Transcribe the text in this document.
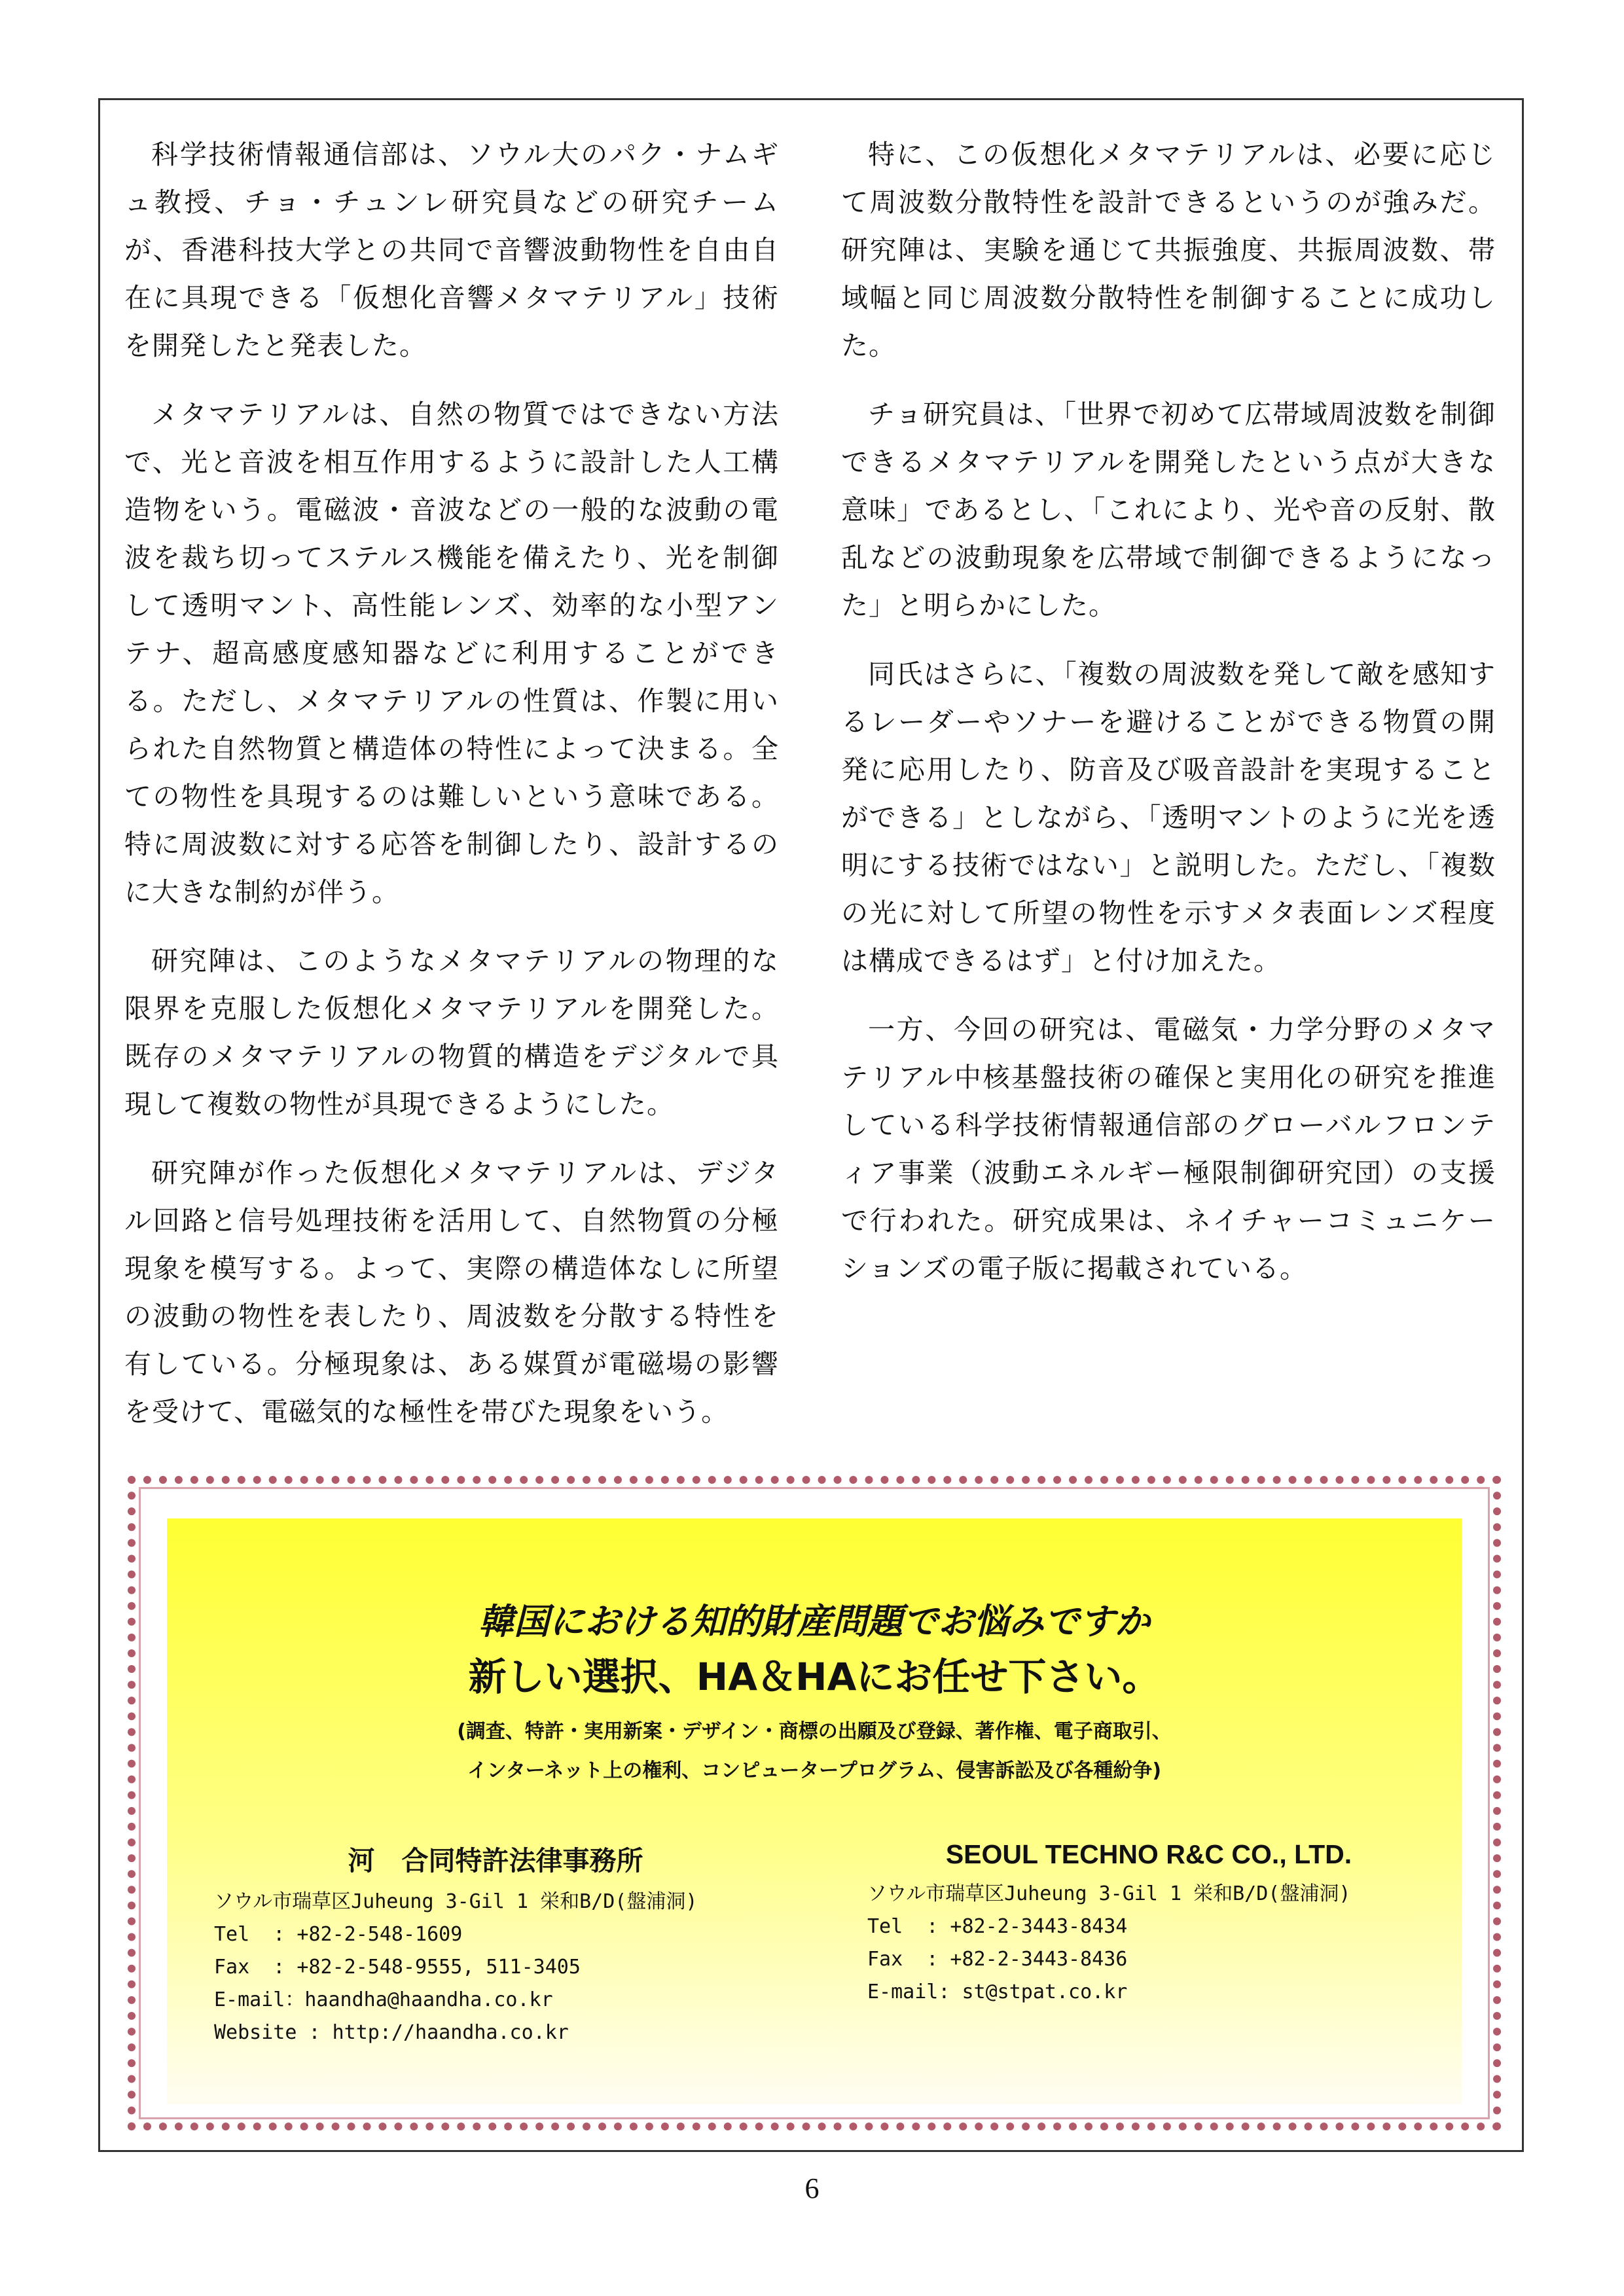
科学技術情報通信部は、ソウル大のパク・ナムギュ教授、チョ・チュンレ研究員などの研究チームが、香港科技大学との共同で音響波動物性を自由自在に具現できる「仮想化音響メタマテリアル」技術を開発したと発表した。

メタマテリアルは、自然の物質ではできない方法で、光と音波を相互作用するように設計した人工構造物をいう。電磁波・音波などの一般的な波動の電波を裁ち切ってステルス機能を備えたり、光を制御して透明マント、高性能レンズ、効率的な小型アンテナ、超高感度感知器などに利用することができる。ただし、メタマテリアルの性質は、作製に用いられた自然物質と構造体の特性によって決まる。全ての物性を具現するのは難しいという意味である。特に周波数に対する応答を制御したり、設計するのに大きな制約が伴う。

研究陣は、このようなメタマテリアルの物理的な限界を克服した仮想化メタマテリアルを開発した。既存のメタマテリアルの物質的構造をデジタルで具現して複数の物性が具現できるようにした。

研究陣が作った仮想化メタマテリアルは、デジタル回路と信号処理技術を活用して、自然物質の分極現象を模写する。よって、実際の構造体なしに所望の波動の物性を表したり、周波数を分散する特性を有している。分極現象は、ある媒質が電磁場の影響を受けて、電磁気的な極性を帯びた現象をいう。

特に、この仮想化メタマテリアルは、必要に応じて周波数分散特性を設計できるというのが強みだ。研究陣は、実験を通じて共振強度、共振周波数、帯域幅と同じ周波数分散特性を制御することに成功した。

チョ研究員は、「世界で初めて広帯域周波数を制御できるメタマテリアルを開発したという点が大きな意味」であるとし、「これにより、光や音の反射、散乱などの波動現象を広帯域で制御できるようになった」と明らかにした。

同氏はさらに、「複数の周波数を発して敵を感知するレーダーやソナーを避けることができる物質の開発に応用したり、防音及び吸音設計を実現することができる」としながら、「透明マントのように光を透明にする技術ではない」と説明した。ただし、「複数の光に対して所望の物性を示すメタ表面レンズ程度は構成できるはず」と付け加えた。

一方、今回の研究は、電磁気・力学分野のメタマテリアル中核基盤技術の確保と実用化の研究を推進している科学技術情報通信部のグローバルフロンティア事業（波動エネルギー極限制御研究団）の支援で行われた。研究成果は、ネイチャーコミュニケーションズの電子版に掲載されている。

韓国における知的財産問題でお悩みですか
新しい選択、HA＆HAにお任せ下さい。
(調査、特許・実用新案・デザイン・商標の出願及び登録、著作権、電子商取引、
インターネット上の権利、コンピュータープログラム、侵害訴訟及び各種紛争)
河　合同特許法律事務所
ソウル市瑞草区Juheung 3-Gil 1 栄和B/D(盤浦洞)
Tel  : +82-2-548-1609
Fax  : +82-2-548-9555, 511-3405
E-mail：haandha@haandha.co.kr
Website : http://haandha.co.kr
SEOUL TECHNO R&C CO., LTD.
ソウル市瑞草区Juheung 3-Gil 1 栄和B/D(盤浦洞)
Tel  : +82-2-3443-8434
Fax  : +82-2-3443-8436
E-mail: st@stpat.co.kr
6
